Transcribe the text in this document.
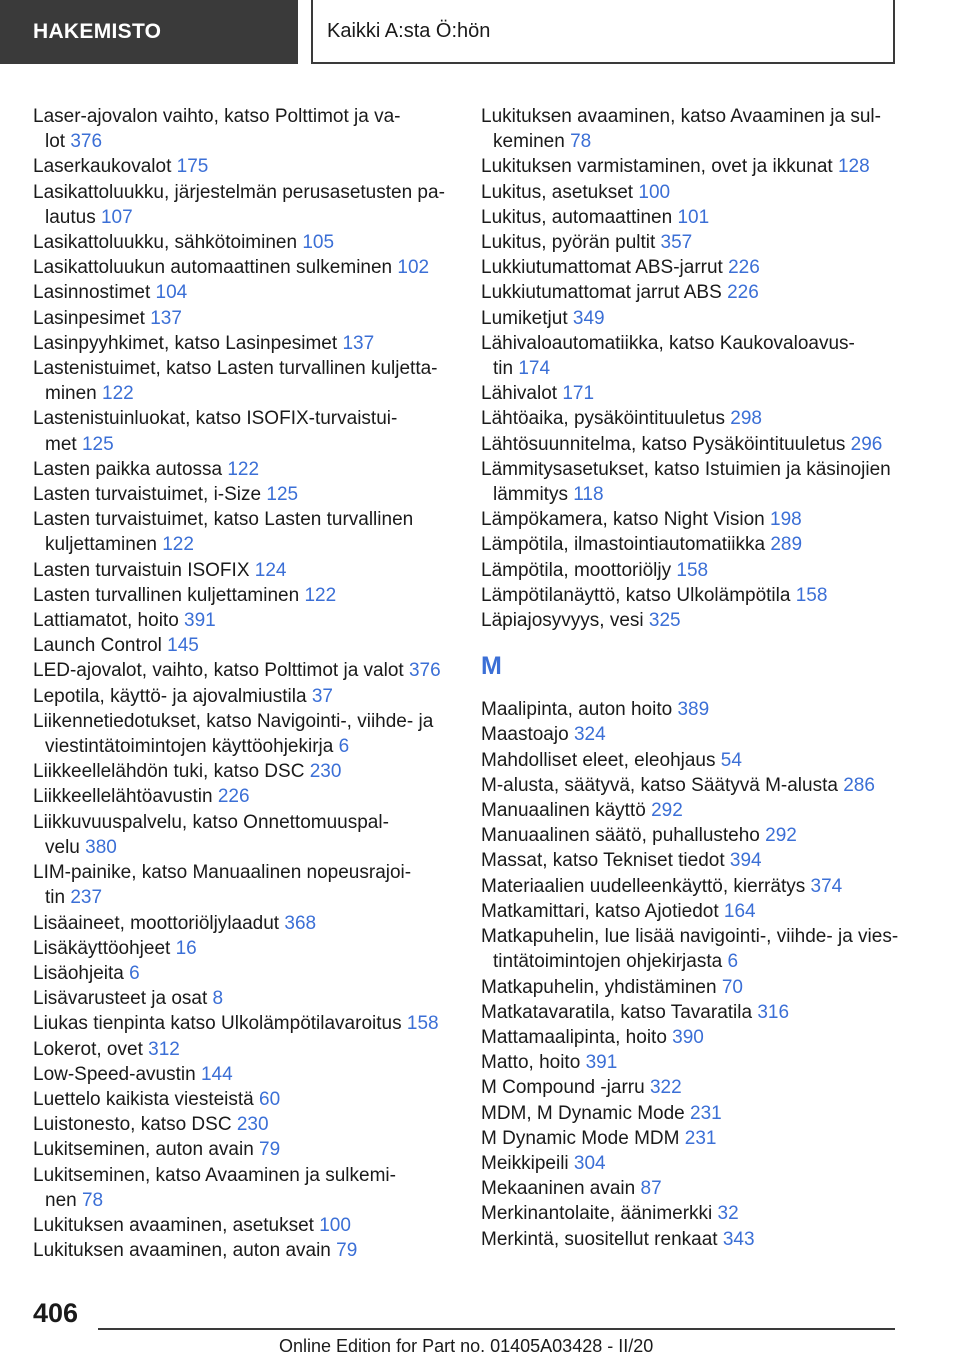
HAKEMISTO	Kaikki A:sta Ö:hön
Laser-ajovalon vaihto, katso Polttimot ja va-
lot 376
Laserkaukovalot 175
Lasikattoluukku, järjestelmän perusasetusten pa-
lautus 107
Lasikattoluukku, sähkötoiminen 105
Lasikattoluukun automaattinen sulkeminen 102
Lasinnostimet 104
Lasinpesimet 137
Lasinpyyhkimet, katso Lasinpesimet 137
Lastenistuimet, katso Lasten turvallinen kuljetta-
minen 122
Lastenistuinluokat, katso ISOFIX-turvaistui-
met 125
Lasten paikka autossa 122
Lasten turvaistuimet, i-Size 125
Lasten turvaistuimet, katso Lasten turvallinen
kuljettaminen 122
Lasten turvaistuin ISOFIX 124
Lasten turvallinen kuljettaminen 122
Lattiamatot, hoito 391
Launch Control 145
LED-ajovalot, vaihto, katso Polttimot ja valot 376
Lepotila, käyttö- ja ajovalmiustila 37
Liikennetiedotukset, katso Navigointi-, viihde- ja
viestintätoimintojen käyttöohjekirja 6
Liikkeellelähdön tuki, katso DSC 230
Liikkeellelähtöavustin 226
Liikkuvuuspalvelu, katso Onnettomuuspal-
velu 380
LIM-painike, katso Manuaalinen nopeusrajoi-
tin 237
Lisäaineet, moottoriöljylaadut 368
Lisäkäyttöohjeet 16
Lisäohjeita 6
Lisävarusteet ja osat 8
Liukas tienpinta katso Ulkolämpötilavaroitus 158
Lokerot, ovet 312
Low-Speed-avustin 144
Luettelo kaikista viesteistä 60
Luistonesto, katso DSC 230
Lukitseminen, auton avain 79
Lukitseminen, katso Avaaminen ja sulkemi-
nen 78
Lukituksen avaaminen, asetukset 100
Lukituksen avaaminen, auton avain 79
Lukituksen avaaminen, katso Avaaminen ja sul-
keminen 78
Lukituksen varmistaminen, ovet ja ikkunat 128
Lukitus, asetukset 100
Lukitus, automaattinen 101
Lukitus, pyörän pultit 357
Lukkiutumattomat ABS-jarrut 226
Lukkiutumattomat jarrut ABS 226
Lumiketjut 349
Lähivaloautomatiikka, katso Kaukovaloavus-
tin 174
Lähivalot 171
Lähtöaika, pysäköintituuletus 298
Lähtösuunnitelma, katso Pysäköintituuletus 296
Lämmitysasetukset, katso Istuimien ja käsinojien
lämmitys 118
Lämpökamera, katso Night Vision 198
Lämpötila, ilmastointiautomatiikka 289
Lämpötila, moottoriöljy 158
Lämpötilanäyttö, katso Ulkolämpötila 158
Läpiajosyvyys, vesi 325
M
Maalipinta, auton hoito 389
Maastoajo 324
Mahdolliset eleet, eleohjaus 54
M-alusta, säätyvä, katso Säätyvä M-alusta 286
Manuaalinen käyttö 292
Manuaalinen säätö, puhallusteho 292
Massat, katso Tekniset tiedot 394
Materiaalien uudelleenkäyttö, kierrätys 374
Matkamittari, katso Ajotiedot 164
Matkapuhelin, lue lisää navigointi-, viihde- ja vies-
tintätoimintojen ohjekirjasta 6
Matkapuhelin, yhdistäminen 70
Matkatavaratila, katso Tavaratila 316
Mattamaalipinta, hoito 390
Matto, hoito 391
M Compound -jarru 322
MDM, M Dynamic Mode 231
M Dynamic Mode MDM 231
Meikkipeili 304
Mekaaninen avain 87
Merkinantolaite, äänimerkki 32
Merkintä, suositellut renkaat 343
406
Online Edition for Part no. 01405A03428 - II/20
